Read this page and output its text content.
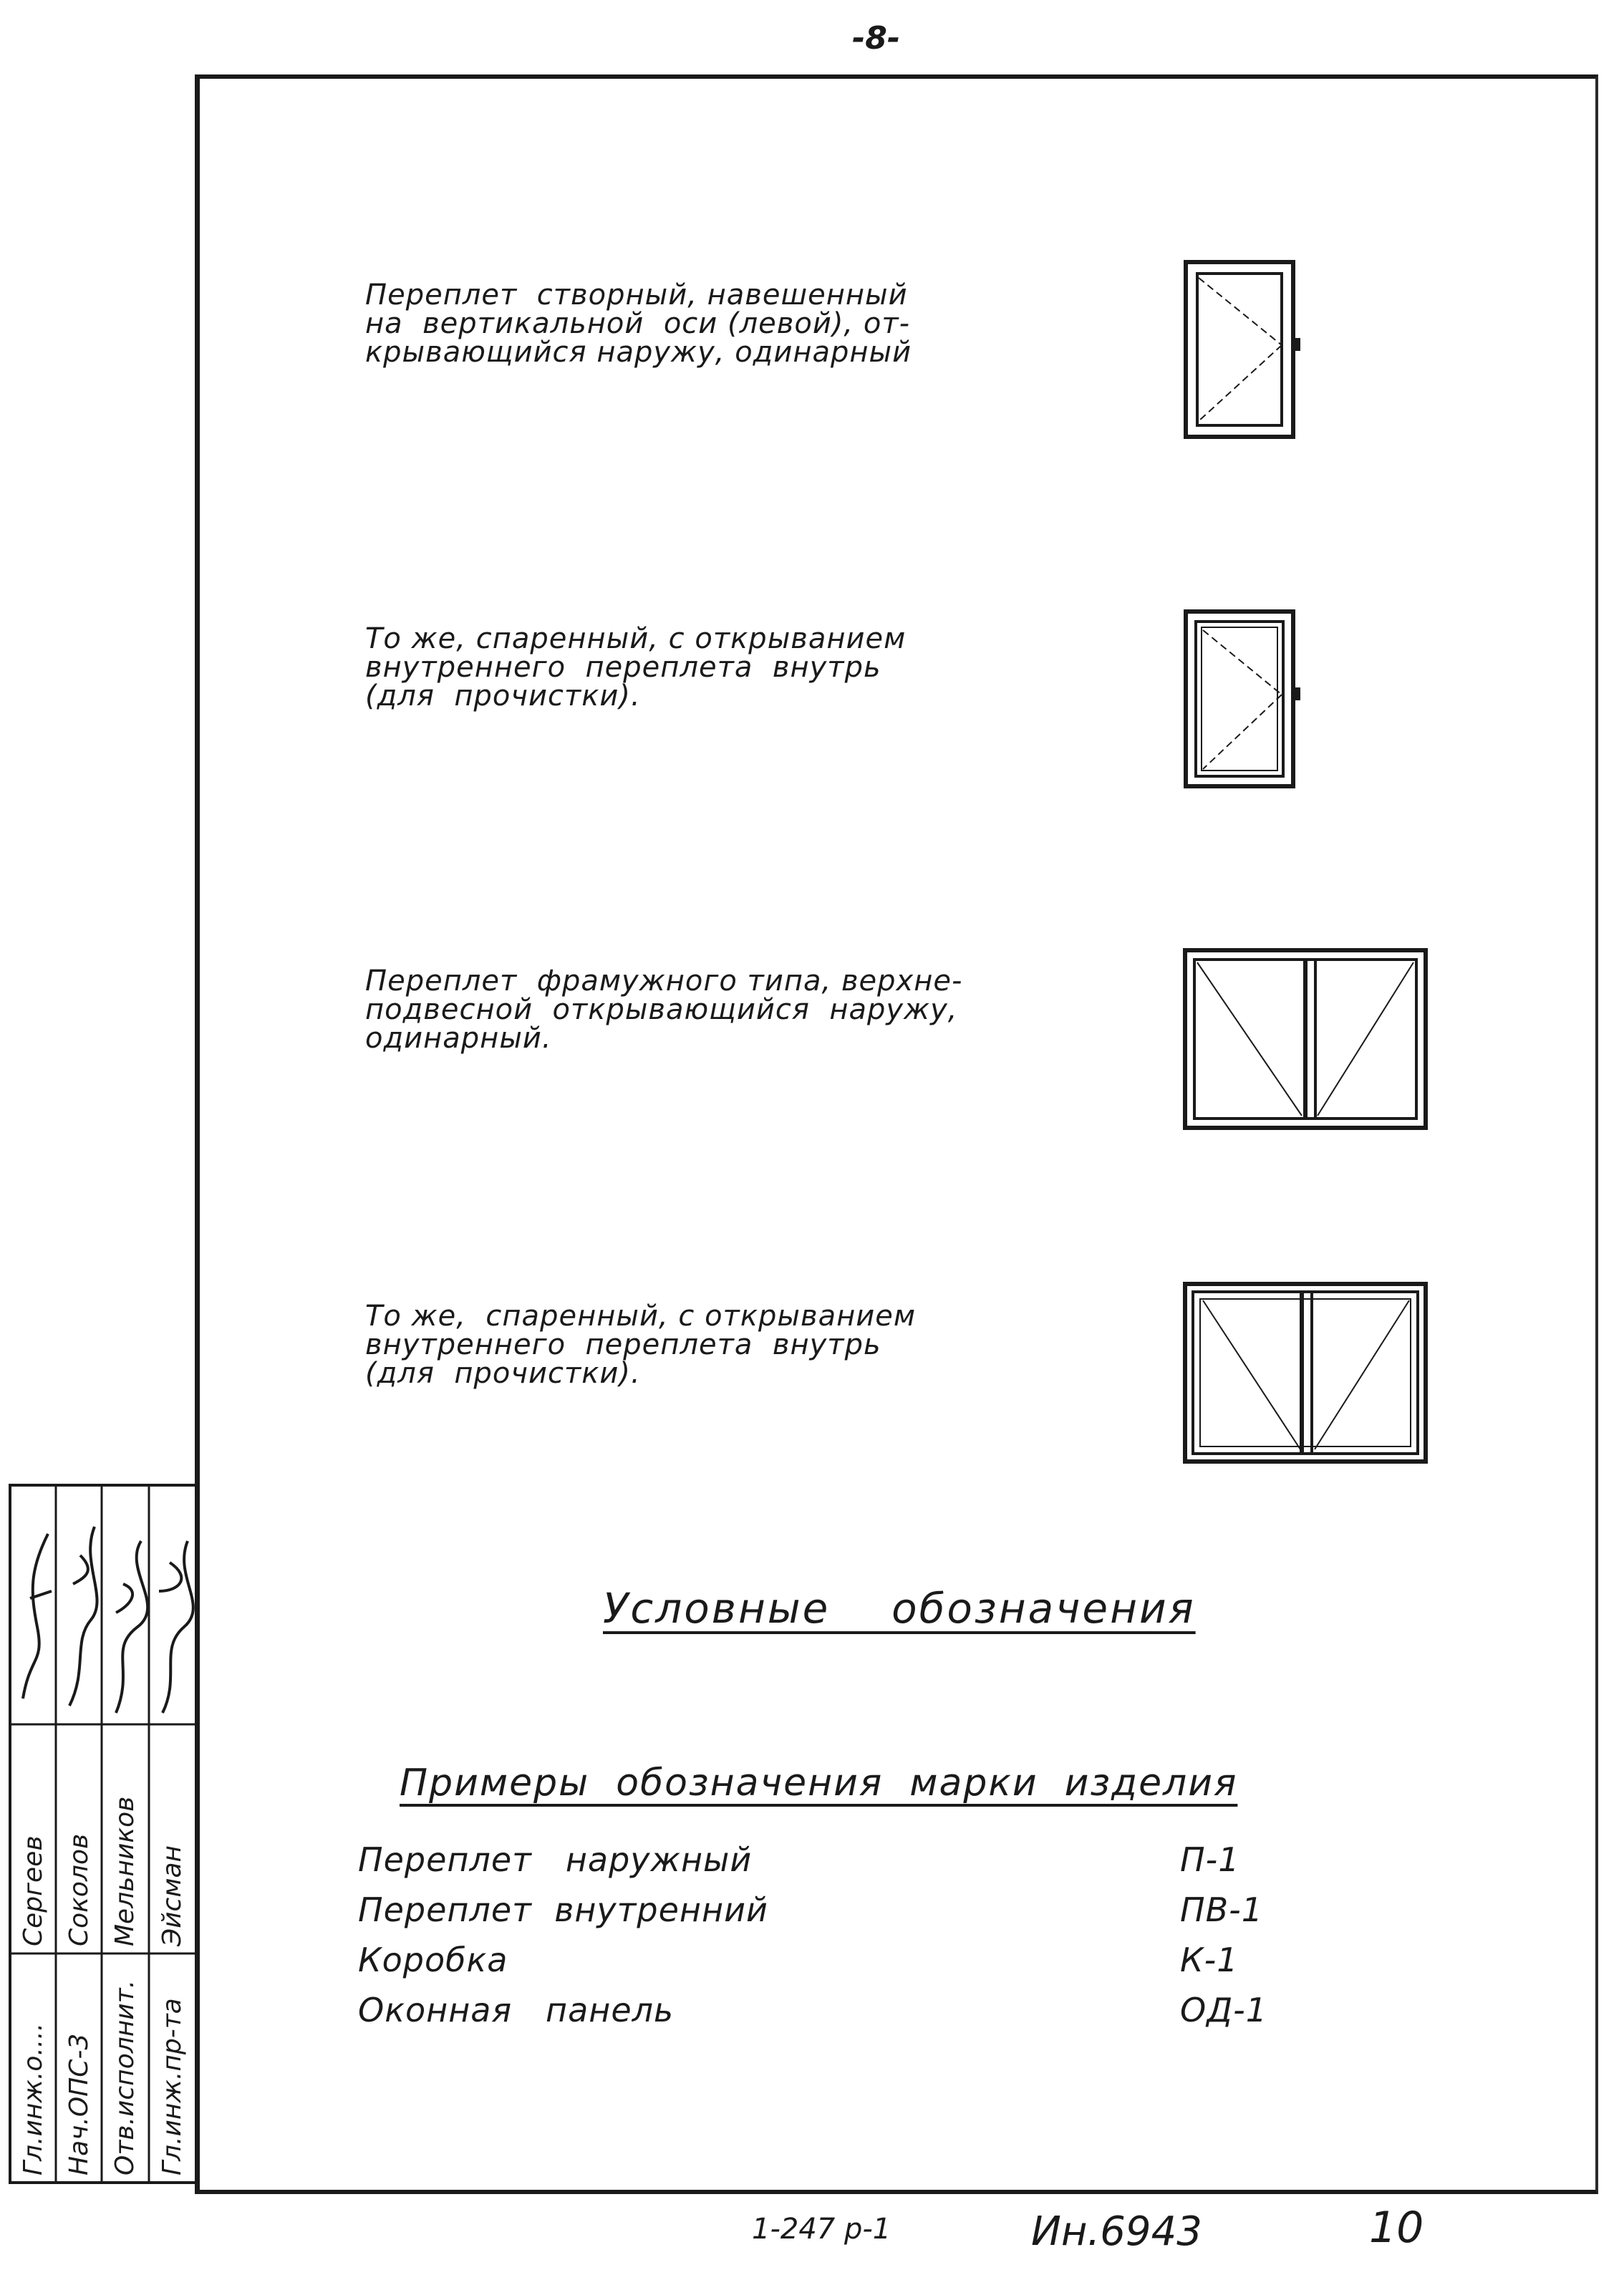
-8-
Переплет  створный, навешенный
на  вертикальной  оси (левой), от-
крывающийся наружу, одинарный
То же, спаренный, с открыванием
внутреннего  переплета  внутрь
(для  прочистки).
Переплет  фрамужного типа, верхне-
подвесной  открывающийся  наружу,
одинарный.
То же,  спаренный, с открыванием
внутреннего  переплета  внутрь
(для  прочистки).
Условные    обозначения
Примеры  обозначения  марки  изделия
Переплет   наружный	П-1
Переплет  внутренний	ПВ-1
Коробка	К-1
Оконная   панель	ОД-1
Гл.инж.о.... Нач.ОПС-3 Отв.исполнит. Гл.инж.пр-та
Сергеев Соколов Мельников Эйсман
1-247 р-1	Ин.6943	10
